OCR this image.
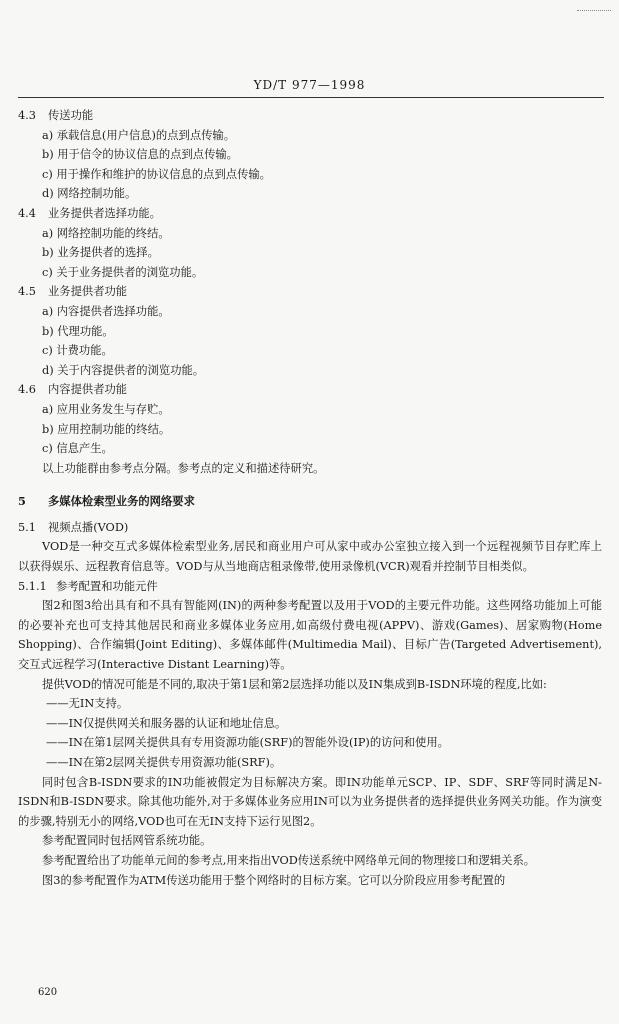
YD/T 977—1998
4.3 传送功能
a) 承载信息(用户信息)的点到点传输。
b) 用于信令的协议信息的点到点传输。
c) 用于操作和维护的协议信息的点到点传输。
d) 网络控制功能。
4.4 业务提供者选择功能。
a) 网络控制功能的终结。
b) 业务提供者的选择。
c) 关于业务提供者的浏览功能。
4.5 业务提供者功能
a) 内容提供者选择功能。
b) 代理功能。
c) 计费功能。
d) 关于内容提供者的浏览功能。
4.6 内容提供者功能
a) 应用业务发生与存贮。
b) 应用控制功能的终结。
c) 信息产生。
以上功能群由参考点分隔。参考点的定义和描述待研究。
5 多媒体检索型业务的网络要求
5.1 视频点播(VOD)
VOD是一种交互式多媒体检索型业务,居民和商业用户可从家中或办公室独立接入到一个远程视频节目存贮库上以获得娱乐、远程教育信息等。VOD与从当地商店租录像带,使用录像机(VCR)观看并控制节目相类似。
5.1.1 参考配置和功能元件
图2和图3给出具有和不具有智能网(IN)的两种参考配置以及用于VOD的主要元件功能。这些网络功能加上可能的必要补充也可支持其他居民和商业多媒体业务应用,如高级付费电视(APPV)、游戏(Games)、居家购物(Home Shopping)、合作编辑(Joint Editing)、多媒体邮件(Multimedia Mail)、目标广告(Targeted Advertisement),交互式远程学习(Interactive Distant Learning)等。
提供VOD的情况可能是不同的,取决于第1层和第2层选择功能以及IN集成到B-ISDN环境的程度,比如:
——无IN支持。
——IN仅提供网关和服务器的认证和地址信息。
——IN在第1层网关提供具有专用资源功能(SRF)的智能外设(IP)的访问和使用。
——IN在第2层网关提供专用资源功能(SRF)。
同时包含B-ISDN要求的IN功能被假定为目标解决方案。即IN功能单元SCP、IP、SDF、SRF等同时满足N-ISDN和B-ISDN要求。除其他功能外,对于多媒体业务应用IN可以为业务提供者的选择提供业务网关功能。作为演变的步骤,特别无小的网络,VOD也可在无IN支持下运行见图2。
参考配置同时包括网管系统功能。
参考配置给出了功能单元间的参考点,用来指出VOD传送系统中网络单元间的物理接口和逻辑关系。
图3的参考配置作为ATM传送功能用于整个网络时的目标方案。它可以分阶段应用参考配置的
620
